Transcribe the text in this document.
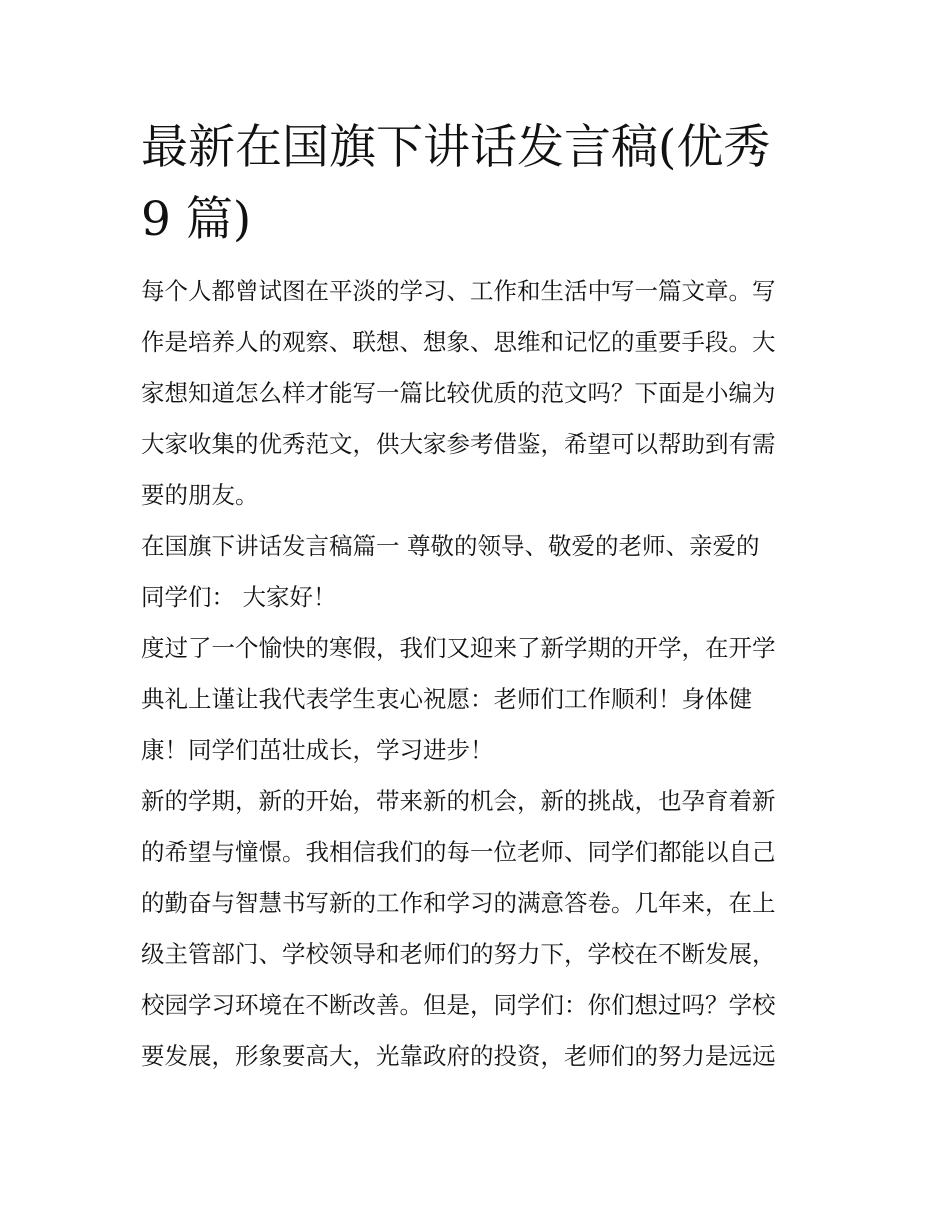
最新在国旗下讲话发言稿(优秀
9 篇)
每个人都曾试图在平淡的学习、工作和生活中写一篇文章。写
作是培养人的观察、联想、想象、思维和记忆的重要手段。大
家想知道怎么样才能写一篇比较优质的范文吗？下面是小编为
大家收集的优秀范文，供大家参考借鉴，希望可以帮助到有需
要的朋友。
在国旗下讲话发言稿篇一 尊敬的领导、敬爱的老师、亲爱的
同学们： 大家好！
度过了一个愉快的寒假，我们又迎来了新学期的开学，在开学
典礼上谨让我代表学生衷心祝愿：老师们工作顺利！身体健
康！同学们茁壮成长，学习进步！
新的学期，新的开始，带来新的机会，新的挑战，也孕育着新
的希望与憧憬。我相信我们的每一位老师、同学们都能以自己
的勤奋与智慧书写新的工作和学习的满意答卷。几年来，在上
级主管部门、学校领导和老师们的努力下，学校在不断发展，
校园学习环境在不断改善。但是，同学们：你们想过吗？学校
要发展，形象要高大，光靠政府的投资，老师们的努力是远远
